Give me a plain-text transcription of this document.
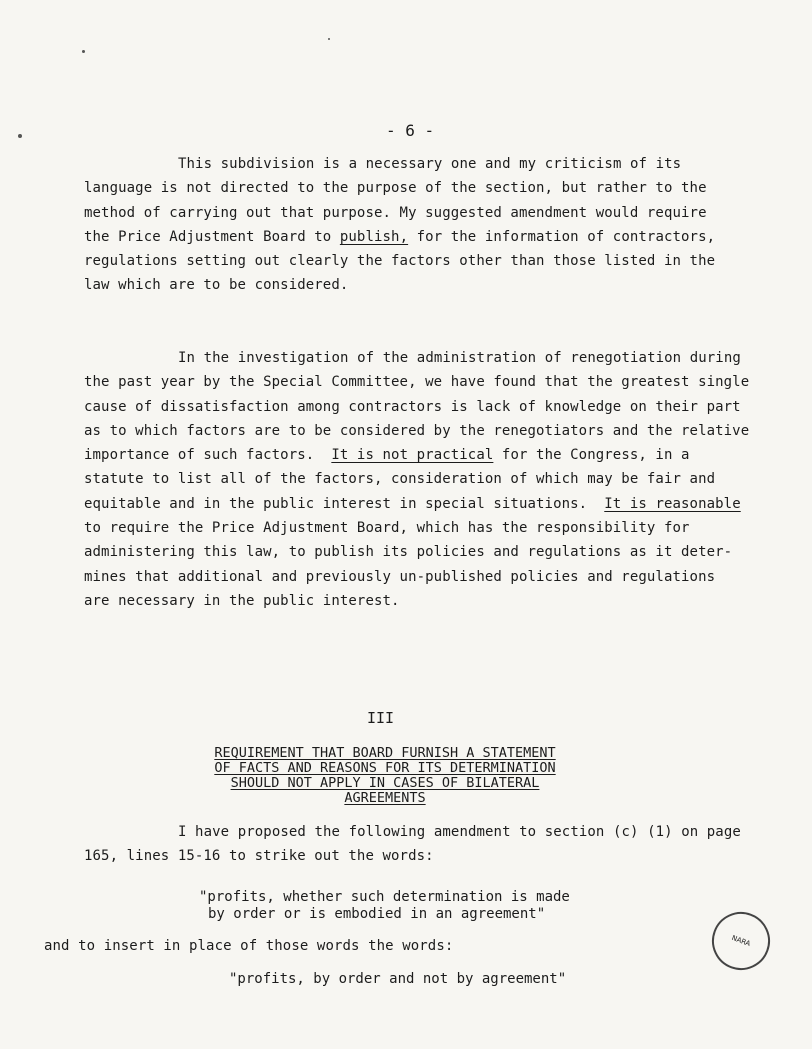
- 6 -
This subdivision is a necessary one and my criticism of its
language is not directed to the purpose of the section, but rather to the
method of carrying out that purpose. My suggested amendment would require
the Price Adjustment Board to publish, for the information of contractors,
regulations setting out clearly the factors other than those listed in the
law which are to be considered.
In the investigation of the administration of renegotiation during
the past year by the Special Committee, we have found that the greatest single
cause of dissatisfaction among contractors is lack of knowledge on their part
as to which factors are to be considered by the renegotiators and the relative
importance of such factors.  It is not practical for the Congress, in a
statute to list all of the factors, consideration of which may be fair and
equitable and in the public interest in special situations.  It is reasonable
to require the Price Adjustment Board, which has the responsibility for
administering this law, to publish its policies and regulations as it deter-
mines that additional and previously un-published policies and regulations
are necessary in the public interest.
III
REQUIREMENT THAT BOARD FURNISH A STATEMENT
OF FACTS AND REASONS FOR ITS DETERMINATION
SHOULD NOT APPLY IN CASES OF BILATERAL
AGREEMENTS
I have proposed the following amendment to section (c) (1) on page
165, lines 15-16 to strike out the words:
"profits, whether such determination is made
by order or is embodied in an agreement"
and to insert in place of those words the words:
"profits, by order and not by agreement"
NARA
